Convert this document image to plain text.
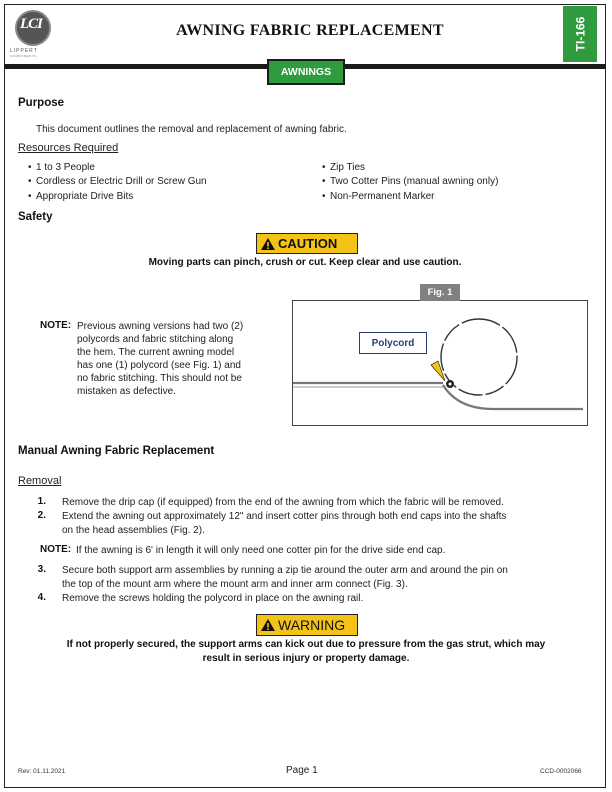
LCI
LIPPERT
COMPONENTS
AWNING FABRIC REPLACEMENT	TI-166
AWNINGS
Purpose
This document outlines the removal and replacement of awning fabric.
Resources Required
• 1 to 3 People
• Cordless or Electric Drill or Screw Gun
• Appropriate Drive Bits
• Zip Ties
• Two Cotter Pins (manual awning only)
• Non-Permanent Marker
Safety
CAUTION
Moving parts can pinch, crush or cut. Keep clear and use caution.
NOTE: Previous awning versions had two (2)
polycords and fabric stitching along
the hem. The current awning model
has one (1) polycord (see Fig. 1) and
no fabric stitching. This should not be
mistaken as defective.
Fig. 1
Polycord
Manual Awning Fabric Replacement
Removal
1. Remove the drip cap (if equipped) from the end of the awning from which the fabric will be removed.
2. Extend the awning out approximately 12" and insert cotter pins through both end caps into the shafts
on the head assemblies (Fig. 2).
NOTE: If the awning is 6' in length it will only need one cotter pin for the drive side end cap.
3. Secure both support arm assemblies by running a zip tie around the outer arm and around the pin on
the top of the mount arm where the mount arm and inner arm connect (Fig. 3).
4. Remove the screws holding the polycord in place on the awning rail.
WARNING
If not properly secured, the support arms can kick out due to pressure from the gas strut, which may
result in serious injury or property damage.
Rev: 01.11.2021	Page 1	CCD-0002066
